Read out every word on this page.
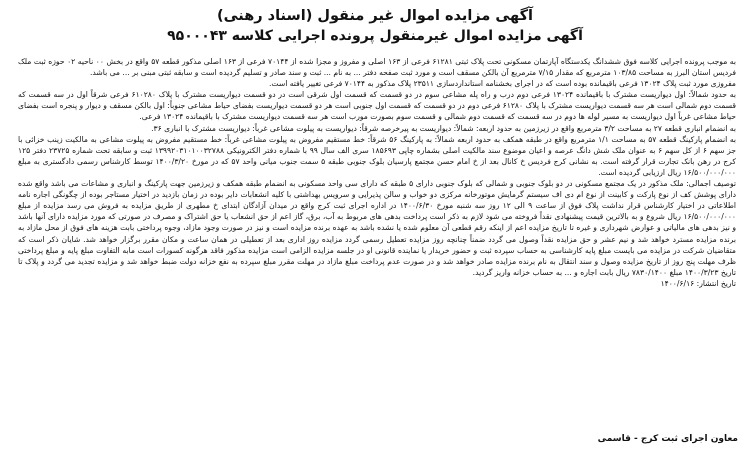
آگهی مزایده اموال غیر منقول (اسناد رهنی)

آگهی مزایده اموال غیرمنقول پرونده اجرایی کلاسه ۹۵۰۰۰۴۳

به موجب پرونده اجرایی کلاسه فوق ششدانگ یکدستگاه آپارتمان مسکونی تحت پلاک ثبتی ۶۱۲۸۱ فرعی از ۱۶۳ اصلی و مفروز و مجزا شده از ۷۰۱۴۴ فرعی از ۱۶۳ اصلی مذکور قطعه ۵۷ واقع در بخش ۰۰ ناحیه ۰۲ حوزه ثبت ملک فردیس استان البرز به مساحت ۱۰۳/۸۵ مترمربع که مقدار ۷/۱۵ مترمربع آن بالکن مسقف است و مورد ثبت صفحه دفتر ... به نام ... ثبت و سند صادر و تسلیم گردیده است و سابقه ثبتی مبنی بر ... می باشد.

مفروزی مورد ثبت پلاک ۱۳۰۲۴ فرعی باقیمانده بوده است که در اجرای بخشنامه استانداردسازی ۲۳۵۱۱ پلاک مذکور به ۷۰۱۴۴ فرعی تغییر یافته است.

به حدود شمالاً: اول دیواریست مشترک با باقیمانده ۱۳۰۲۴ فرعی دوم درب و راه پله مشاعی سوم در دو قسمت که قسمت اول شرقی است در دو قسمت دیواریست مشترک با پلاک ۶۱۰۲۸۰ فرعی شرقاً اول در سه قسمت که قسمت دوم شمالی است هر سه قسمت دیواریست مشترک با پلاک ۶۱۲۸۰ فرعی دوم در دو قسمت که قسمت اول جنوبی است هر دو قسمت دیواریست بفضای حیاط مشاعی جنوباً: اول بالکن مسقف و دیوار و پنجره است بفضای حیاط مشاعی غرباً اول دیواریست به مسیر لوله ها دوم در سه قسمت که قسمت دوم شمالی و قسمت سوم بصورت مورب است هر سه قسمت دیواریست مشترک با باقیمانده ۱۳۰۲۴ فرعی.

به انضمام انباری قطعه ۲۷ به مساحت ۳/۲ مترمربع واقع در زیرزمین به حدود اربعه: شمالاً: دیواریست به پیرخرصه شرقاً: دیواریست به پیلوت مشاعی غرباً: دیواریست مشترک با انباری ۳۶.

به انضمام پارکینگ قطعه ۵۷ به مساحت ۱/۱ مترمربع واقع در طبقه همکف به حدود اربعه شمالاً: به پارکینگ ۵۶ شرقاً: خط مستقیم مفروض به پیلوت مشاعی غرباً: خط مستقیم مفروض به پیلوت مشاعی به مالکیت زینب خزائی با جز سهم ۶ از کل سهم ۶ به عنوان ملک شش دانگ عرصه و اعیان موضوع سند مالکیت اصلی بشماره چاپی ۱۸۵۶۹۳ سری الف سال ۹۹ با شماره دفتر الکترونیکی ۱۳۹۹۲۰۳۱۰۱۰۰۳۲۷۸۸ ثبت و سابقه تحت شماره ۲۳۷۲۵ دفتر ۱۲۵ کرج در رهن بانک تجارت قرار گرفته است. به نشانی کرج فردیس خ کانال بعد از خ امام حسن مجتمع پارسیان بلوک جنوبی طبقه ۵ سمت جنوب میانی واحد ۵۷ که در مورخ ۱۴۰۰/۳/۲۰ توسط کارشناس رسمی دادگستری به مبلغ ۱۶/۵۰۰/۰۰۰/۰۰۰ ریال ارزیابی گردیده است.

توصیف اجمالی: ملک مذکور در یک مجتمع مسکونی در دو بلوک جنوبی و شمالی که بلوک جنوبی دارای ۵ طبقه که دارای سی واحد مسکونی به انضمام طبقه همکف و زیرزمین جهت پارکینگ و انباری و مشاعات می باشد واقع شده دارای پوشش کف از نوع پارکت و کابینت از نوع ام دی اف سیستم گرمایش موتورخانه مرکزی دو خواب و سالن پذیرایی و سرویس بهداشتی با کلیه انشعابات دایر بوده در زمان بازدید در اختیار مستاجر بوده از چگونگی اجاره نامه اطلاعاتی در اختیار کارشناس قرار نداشت پلاک فوق از ساعت ۹ الی ۱۲ روز سه شنبه مورخ ۱۴۰۰/۶/۳۰ در اداره اجرای ثبت کرج واقع در میدان آزادگان ابتدای خ مطهری از طریق مزایده به فروش می رسد مزایده از مبلغ ۱۶/۵۰۰/۰۰۰/۰۰۰ ریال شروع و به بالاترین قیمت پیشنهادی نقداً فروخته می شود لازم به ذکر است پرداخت بدهی های مربوط به آب، برق، گاز اعم از حق انشعاب یا حق اشتراک و مصرف در صورتی که مورد مزایده دارای آنها باشد و نیز بدهی های مالیاتی و عوارض شهرداری و غیره تا تاریخ مزایده اعم از اینکه رقم قطعی آن معلوم شده یا نشده باشد به عهده برنده مزایده است و نیز در صورت وجود مازاد، وجوه پرداختی بابت هزینه های فوق از محل مازاد به برنده مزایده مسترد خواهد شد و نیم عشر و حق مزایده نقداً وصول می گردد ضمناً چنانچه روز مزایده تعطیل رسمی گردد مزایده روز اداری بعد از تعطیلی در همان ساعت و مکان مقرر برگزار خواهد شد. شایان ذکر است که متقاضیان شرکت در مزایده می بایست مبلغ پایه کارشناسی به حساب سپرده ثبت و حضور خریدار یا نماینده قانونی او در جلسه مزایده الزامی است مزایده مذکور فاقد هرگونه کسورات است مابه التفاوت مبلغ پایه و مبلغ پرداختی ظرف مهلت پنج روز از تاریخ مزایده وصول و سند انتقال به نام برنده مزایده صادر خواهد شد و در صورت عدم پرداخت مبلغ مازاد در مهلت مقرر مبلغ سپرده به نفع خزانه دولت ضبط خواهد شد و مزایده تجدید می گردد و پلاک تا تاریخ ۱۴۰۰/۳/۲۳ مبلغ ۷۸۳۰/۱۴۰۰ ریال بابت اجاره و ... به حساب خزانه واریز گردید.

تاریخ انتشار: ۱۴۰۰/۶/۱۶

معاون اجرای ثبت کرج - قاسمی
